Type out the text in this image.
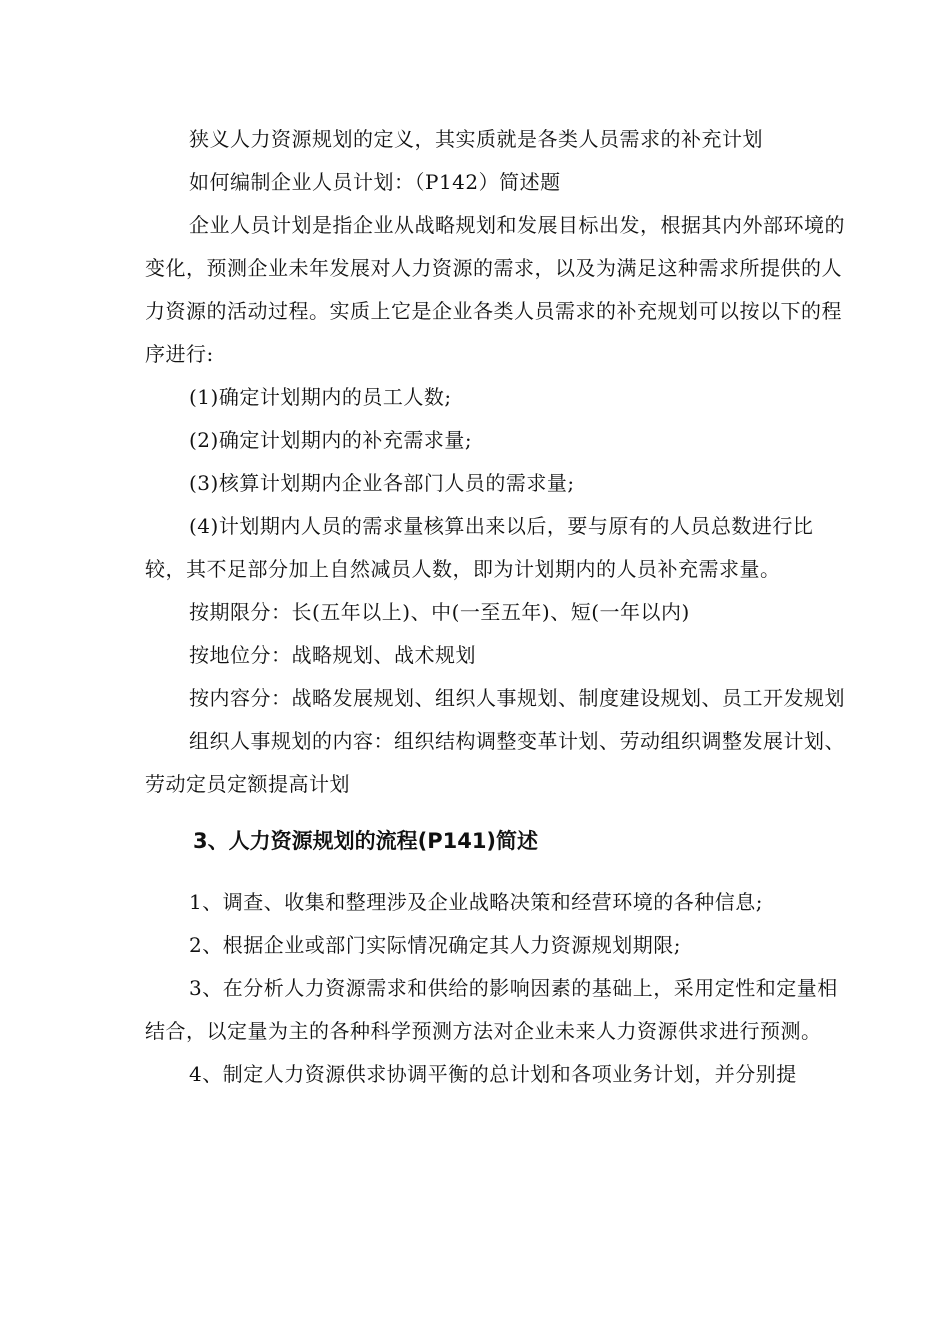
狭义人力资源规划的定义，其实质就是各类人员需求的补充计划

如何编制企业人员计划：（P142）简述题

企业人员计划是指企业从战略规划和发展目标出发，根据其内外部环境的变化，预测企业未年发展对人力资源的需求，以及为满足这种需求所提供的人力资源的活动过程。实质上它是企业各类人员需求的补充规划可以按以下的程序进行:

(1)确定计划期内的员工人数;

(2)确定计划期内的补充需求量;

(3)核算计划期内企业各部门人员的需求量;

(4)计划期内人员的需求量核算出来以后，要与原有的人员总数进行比较，其不足部分加上自然减员人数，即为计划期内的人员补充需求量。

按期限分：长(五年以上)、中(一至五年)、短(一年以内)

按地位分：战略规划、战术规划

按内容分：战略发展规划、组织人事规划、制度建设规划、员工开发规划

组织人事规划的内容：组织结构调整变革计划、劳动组织调整发展计划、劳动定员定额提高计划

3、人力资源规划的流程(P141)简述

1、调查、收集和整理涉及企业战略决策和经营环境的各种信息;

2、根据企业或部门实际情况确定其人力资源规划期限;

3、在分析人力资源需求和供给的影响因素的基础上，采用定性和定量相结合，以定量为主的各种科学预测方法对企业未来人力资源供求进行预测。

4、制定人力资源供求协调平衡的总计划和各项业务计划，并分别提
